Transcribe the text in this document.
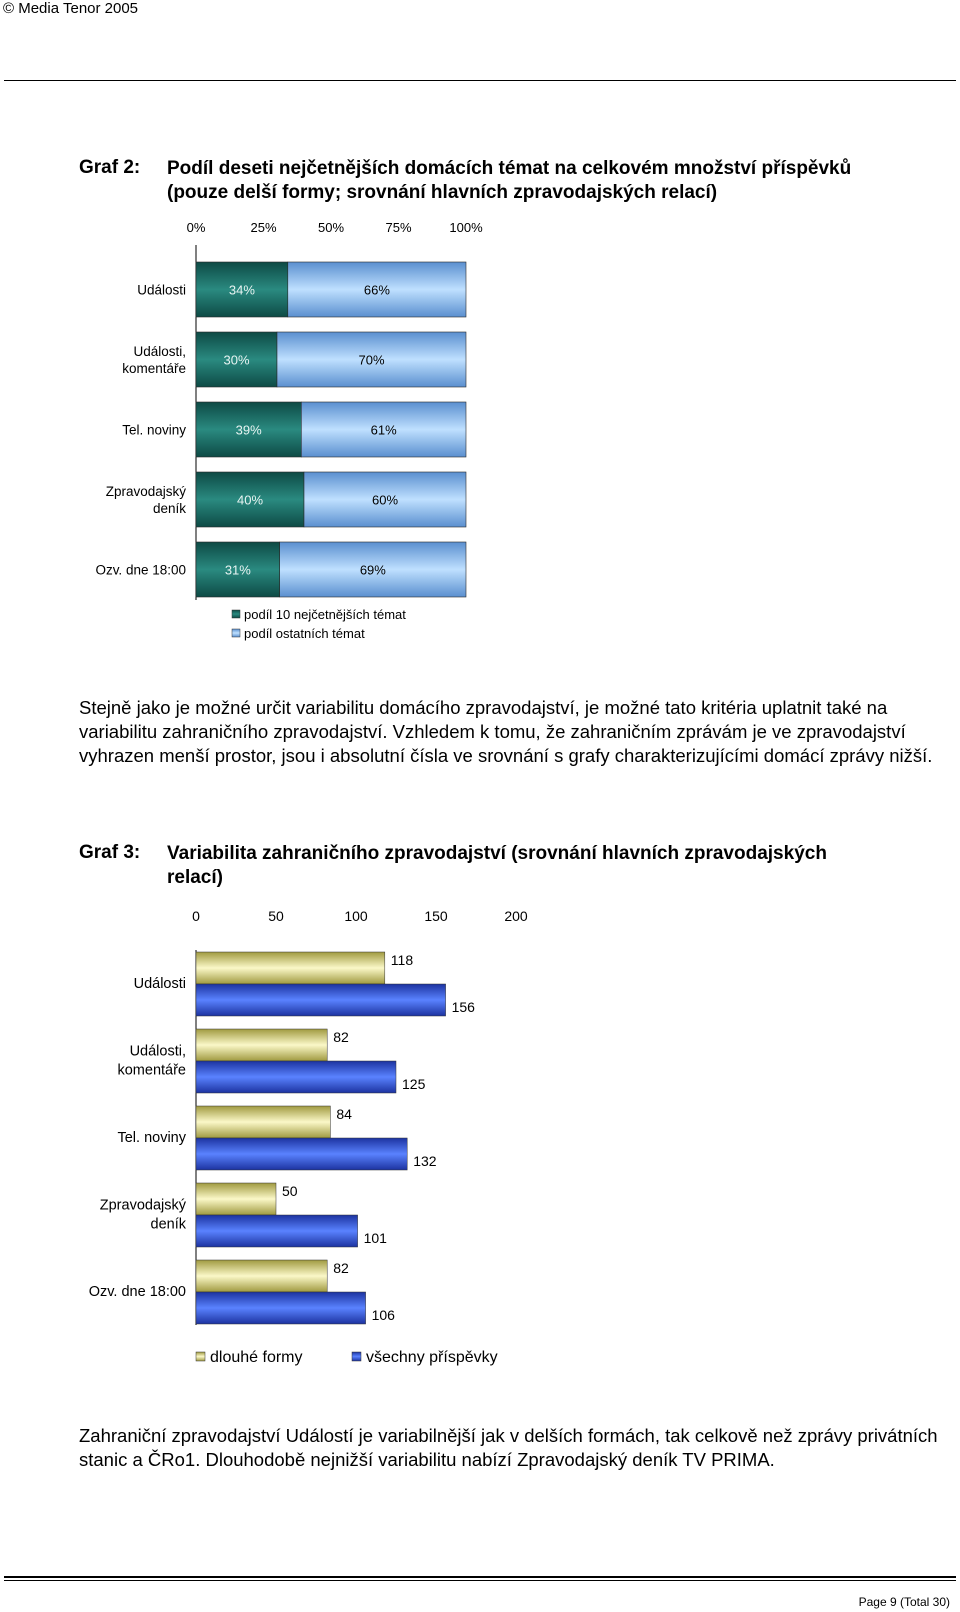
© Media Tenor 2005
Graf 2: Podíl deseti nejčetnějších domácích témat na celkovém množství příspěvků
(pouze delší formy; srovnání hlavních zpravodajských relací)
0%	25%	50%	75%	100%
Události	34%	66%
Události,
komentáře
30%	70%
Tel. noviny	39%	61%
Zpravodajský
deník
40%	60%
Ozv. dne 18:00	31%	69%
podíl 10 nejčetnějších témat
podíl ostatních témat
Stejně jako je možné určit variabilitu domácího zpravodajství, je možné tato kritéria uplatnit také na variabilitu zahraničního zpravodajství. Vzhledem k tomu, že zahraničním zprávám je ve zpravodajství vyhrazen menší prostor, jsou i absolutní čísla ve srovnání s grafy charakterizujícími domácí zprávy nižší.
Graf 3: Variabilita zahraničního zpravodajství (srovnání hlavních zpravodajských
relací)
0	50	100	150	200
Události
118
156
Události,
komentáře
82
125
Tel. noviny
84
132
Zpravodajský
deník
50
101
Ozv. dne 18:00
82
106
dlouhé formy	všechny příspěvky
Zahraniční zpravodajství Událostí je variabilnější jak v delších formách, tak celkově než zprávy privátních stanic a ČRo1. Dlouhodobě nejnižší variabilitu nabízí Zpravodajský deník TV PRIMA.
Page 9 (Total 30)
